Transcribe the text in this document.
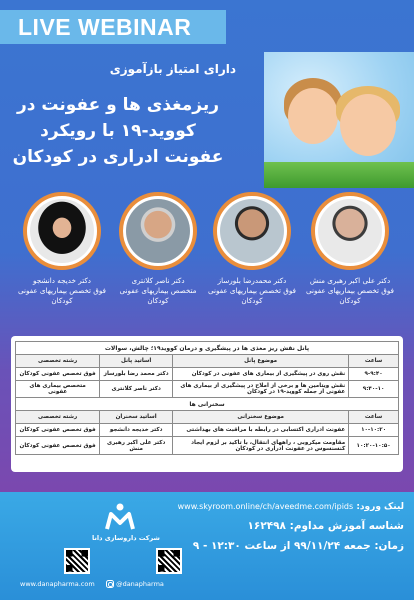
LIVE WEBINAR
دارای امتیاز بازآموزی
ریزمغذی ها و عفونت در
کووید-۱۹ با رویکرد
عفونت ادراری در کودکان
دکتر علی اکبر رهبری منش
فوق تخصص بیماریهای عفونی کودکان
دکتر محمدرضا بلورساز
فوق تخصص بیماریهای عفونی کودکان
دکتر ناصر کلانتری
متخصص بیماریهای عفونی کودکان
دکتر خدیجه دانشجو
فوق تخصص بیماریهای عفونی کودکان
پانل نقش ریز مغذی ها در پیشگیری و درمان کووید۱۹؛ چالش، سوالات			
ساعت	موضوع پانل	اساتید پانل	رشته تخصصی
۹-۹:۴۰	نقش روی در پیشگیری از بیماری های عفونی در کودکان	دکتر محمد رضا بلورساز	فوق تخصص عفونی کودکان
۹:۴۰-۱۰	نقش ویتامین ها و برخی از املاح در پیشگیری از بیماری های عفونی از جمله کووید-۱۹ در کودکان	دکتر ناصر کلانتری	متخصص بیماری های عفونی
سخنرانی ها			
ساعت	موضوع سخنرانی	اساتید سخنران	رشته تخصصی
۱۰-۱۰:۲۰	عفونت ادراری اکتسابی در رابطه با مراقبت های بهداشتی	دکتر خدیجه دانشجو	فوق تخصص عفونی کودکان
۱۰:۲۰-۱۰:۵۰	مقاومت میکروبی ، راههای انتقال، با تاکید بر لزوم ایجاد کنسنسوس در عفونت ادراری در کودکان	دکتر علی اکبر رهبری منش	فوق تخصص عفونی کودکان
شرکت داروسازی دانا
لینک ورود: www.skyroom.online/ch/aveedme.com/ipids
شناسه آموزش مداوم: ۱۶۲۴۹۸
زمان: جمعه ۹۹/۱۱/۲۴ از ساعت ۱۲:۳۰ - ۹
www.danapharma.com	@danapharma
